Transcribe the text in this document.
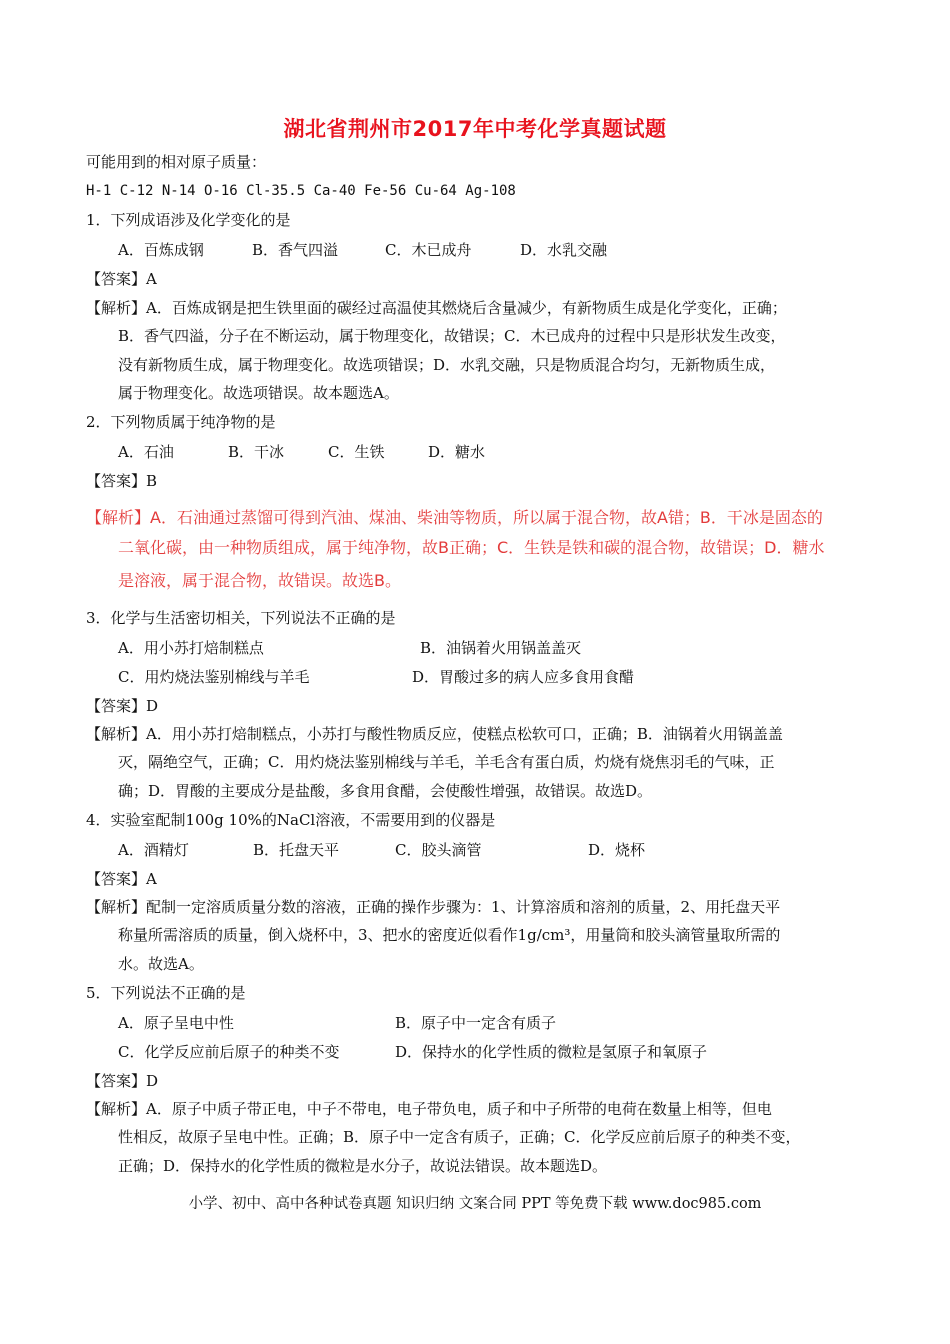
湖北省荆州市2017年中考化学真题试题
可能用到的相对原子质量：
H-1 C-12 N-14 O-16 Cl-35.5 Ca-40 Fe-56 Cu-64 Ag-108
1．下列成语涉及化学变化的是
A．百炼成钢	B．香气四溢	C．木已成舟	D．水乳交融
【答案】A
【解析】A．百炼成钢是把生铁里面的碳经过高温使其燃烧后含量减少，有新物质生成是化学变化，正确；
B．香气四溢，分子在不断运动，属于物理变化，故错误；C．木已成舟的过程中只是形状发生改变，
没有新物质生成，属于物理变化。故选项错误；D．水乳交融，只是物质混合均匀，无新物质生成，
属于物理变化。故选项错误。故本题选A。
2．下列物质属于纯净物的是
A．石油	B．干冰	C．生铁	D．糖水
【答案】B
【解析】A．石油通过蒸馏可得到汽油、煤油、柴油等物质，所以属于混合物，故A错；B．干冰是固态的
二氧化碳，由一种物质组成，属于纯净物，故B正确；C．生铁是铁和碳的混合物，故错误；D．糖水
是溶液，属于混合物，故错误。故选B。
3．化学与生活密切相关，下列说法不正确的是
A．用小苏打焙制糕点	B．油锅着火用锅盖盖灭
C．用灼烧法鉴别棉线与羊毛	D．胃酸过多的病人应多食用食醋
【答案】D
【解析】A．用小苏打焙制糕点，小苏打与酸性物质反应，使糕点松软可口，正确；B．油锅着火用锅盖盖
灭，隔绝空气，正确；C．用灼烧法鉴别棉线与羊毛，羊毛含有蛋白质，灼烧有烧焦羽毛的气味，正
确；D．胃酸的主要成分是盐酸，多食用食醋，会使酸性增强，故错误。故选D。
4．实验室配制100g 10%的NaCl溶液，不需要用到的仪器是
A．酒精灯	B．托盘天平	C．胶头滴管	D．烧杯
【答案】A
【解析】配制一定溶质质量分数的溶液，正确的操作步骤为：1、计算溶质和溶剂的质量，2、用托盘天平
称量所需溶质的质量，倒入烧杯中，3、把水的密度近似看作1g/cm³，用量筒和胶头滴管量取所需的
水。故选A。
5．下列说法不正确的是
A．原子呈电中性	B．原子中一定含有质子
C．化学反应前后原子的种类不变	D．保持水的化学性质的微粒是氢原子和氧原子
【答案】D
【解析】A．原子中质子带正电，中子不带电，电子带负电，质子和中子所带的电荷在数量上相等，但电
性相反，故原子呈电中性。正确；B．原子中一定含有质子，正确；C．化学反应前后原子的种类不变，
正确；D．保持水的化学性质的微粒是水分子，故说法错误。故本题选D。
小学、初中、高中各种试卷真题 知识归纳 文案合同 PPT 等免费下载 www.doc985.com
